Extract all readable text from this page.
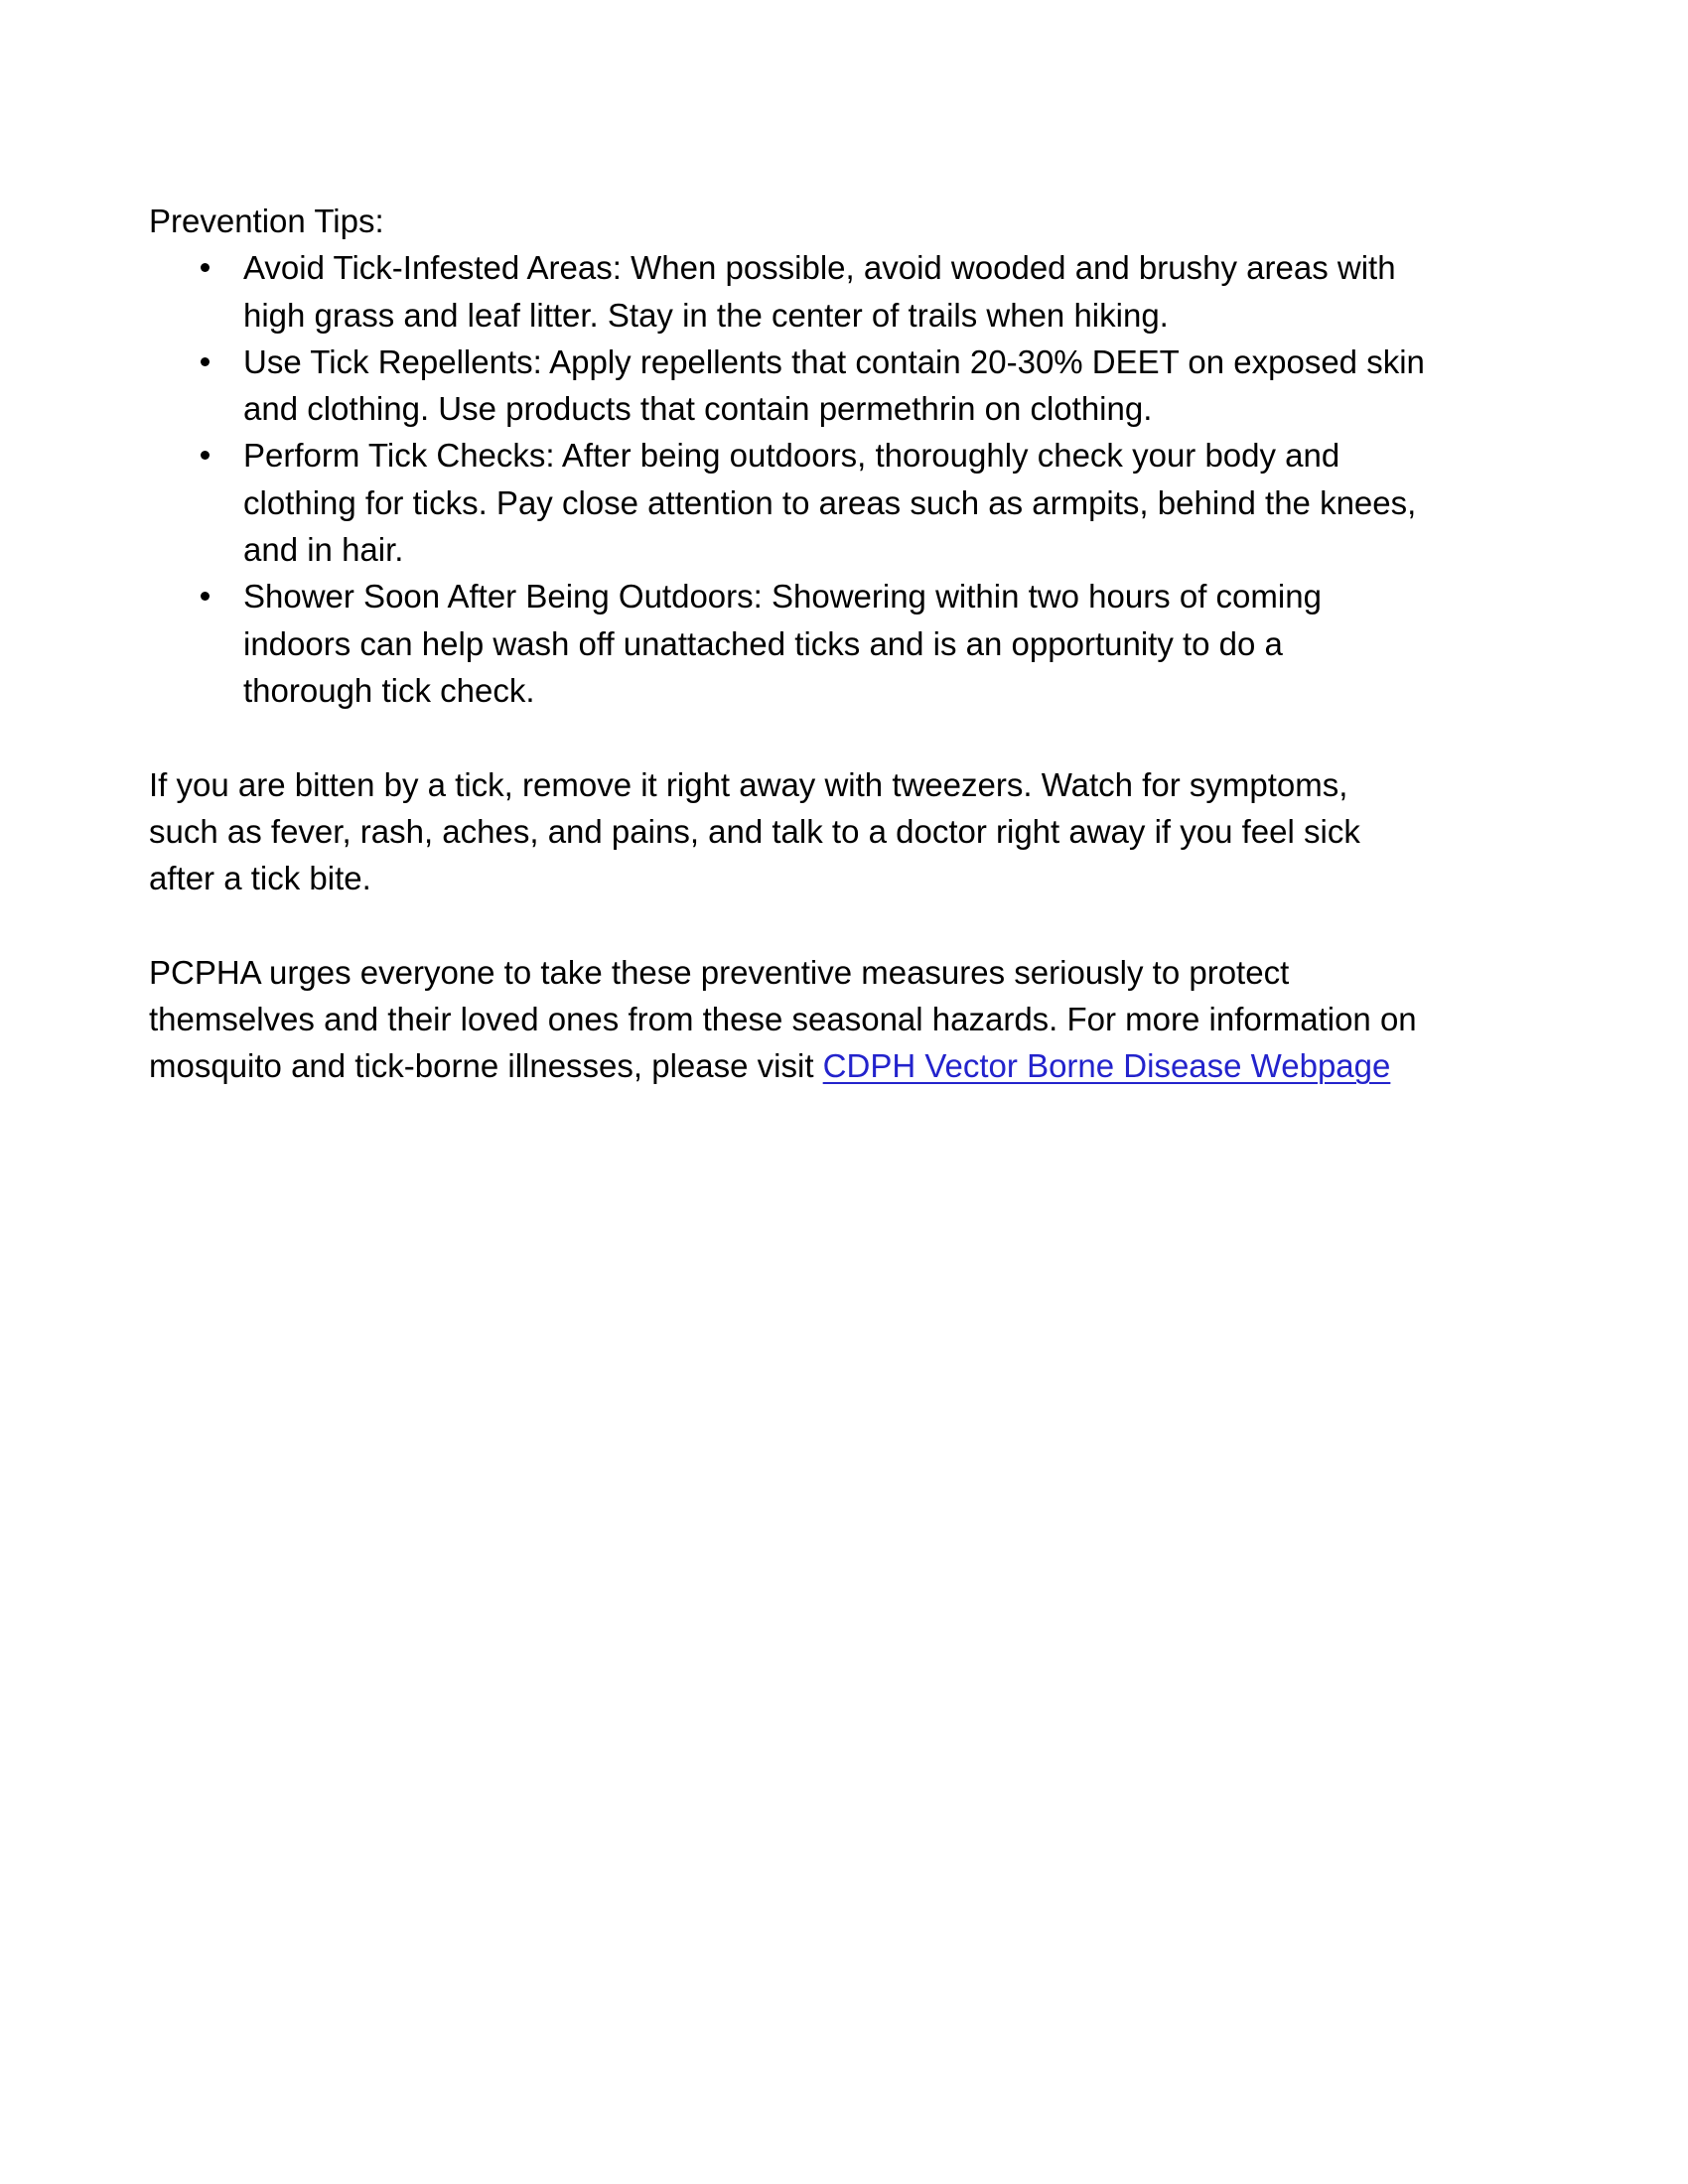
Prevention Tips:
Avoid Tick-Infested Areas: When possible, avoid wooded and brushy areas with
high grass and leaf litter. Stay in the center of trails when hiking.
Use Tick Repellents: Apply repellents that contain 20-30% DEET on exposed skin
and clothing. Use products that contain permethrin on clothing.
Perform Tick Checks: After being outdoors, thoroughly check your body and
clothing for ticks. Pay close attention to areas such as armpits, behind the knees,
and in hair.
Shower Soon After Being Outdoors: Showering within two hours of coming
indoors can help wash off unattached ticks and is an opportunity to do a
thorough tick check.
If you are bitten by a tick, remove it right away with tweezers. Watch for symptoms,
such as fever, rash, aches, and pains, and talk to a doctor right away if you feel sick
after a tick bite.
PCPHA urges everyone to take these preventive measures seriously to protect
themselves and their loved ones from these seasonal hazards. For more information on
mosquito and tick-borne illnesses, please visit CDPH Vector Borne Disease Webpage
